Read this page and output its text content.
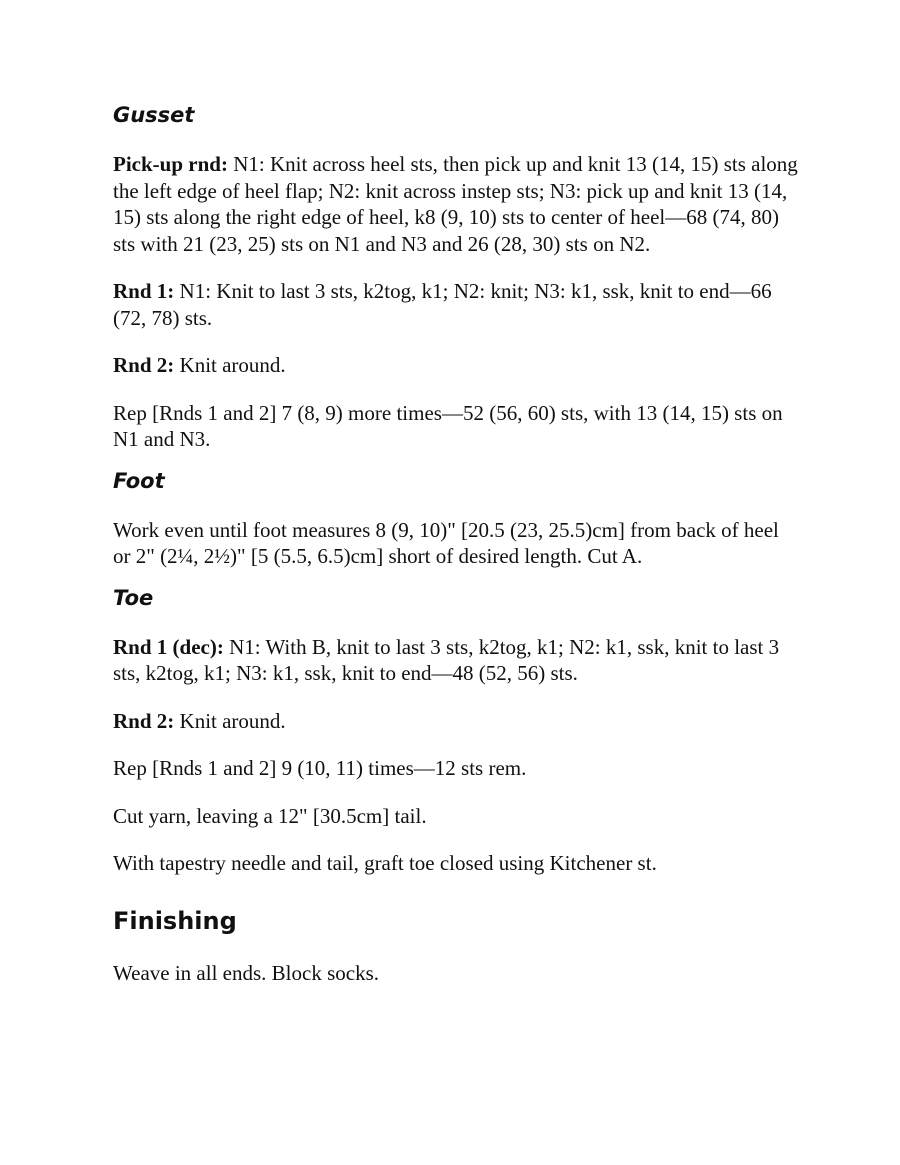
Gusset

Pick-up rnd: N1: Knit across heel sts, then pick up and knit 13 (14, 15) sts along the left edge of heel flap; N2: knit across instep sts; N3: pick up and knit 13 (14, 15) sts along the right edge of heel, k8 (9, 10) sts to center of heel—68 (74, 80) sts with 21 (23, 25) sts on N1 and N3 and 26 (28, 30) sts on N2.

Rnd 1: N1: Knit to last 3 sts, k2tog, k1; N2: knit; N3: k1, ssk, knit to end—66 (72, 78) sts.

Rnd 2: Knit around.

Rep [Rnds 1 and 2] 7 (8, 9) more times—52 (56, 60) sts, with 13 (14, 15) sts on N1 and N3.

Foot

Work even until foot measures 8 (9, 10)" [20.5 (23, 25.5)cm] from back of heel or 2" (2¼, 2½)" [5 (5.5, 6.5)cm] short of desired length. Cut A.

Toe

Rnd 1 (dec): N1: With B, knit to last 3 sts, k2tog, k1; N2: k1, ssk, knit to last 3 sts, k2tog, k1; N3: k1, ssk, knit to end—48 (52, 56) sts.

Rnd 2: Knit around.

Rep [Rnds 1 and 2] 9 (10, 11) times—12 sts rem.

Cut yarn, leaving a 12" [30.5cm] tail.

With tapestry needle and tail, graft toe closed using Kitchener st.

Finishing

Weave in all ends. Block socks.
